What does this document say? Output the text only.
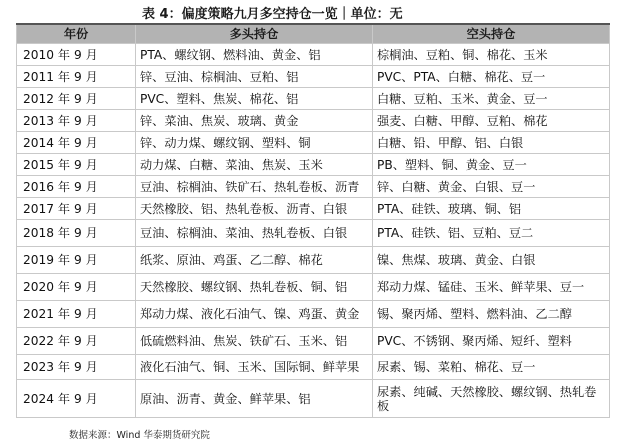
表 4：偏度策略九月多空持仓一览｜单位：无
年份	多头持仓	空头持仓
2010 年 9 月	PTA、螺纹钢、燃料油、黄金、铝	棕榈油、豆粕、铜、棉花、玉米
2011 年 9 月	锌、豆油、棕榈油、豆粕、铝	PVC、PTA、白糖、棉花、豆一
2012 年 9 月	PVC、塑料、焦炭、棉花、铝	白糖、豆粕、玉米、黄金、豆一
2013 年 9 月	锌、菜油、焦炭、玻璃、黄金	强麦、白糖、甲醇、豆粕、棉花
2014 年 9 月	锌、动力煤、螺纹钢、塑料、铜	白糖、铅、甲醇、铝、白银
2015 年 9 月	动力煤、白糖、菜油、焦炭、玉米	PB、塑料、铜、黄金、豆一
2016 年 9 月	豆油、棕榈油、铁矿石、热轧卷板、沥青	锌、白糖、黄金、白银、豆一
2017 年 9 月	天然橡胶、铝、热轧卷板、沥青、白银	PTA、硅铁、玻璃、铜、铝
2018 年 9 月	豆油、棕榈油、菜油、热轧卷板、白银	PTA、硅铁、铝、豆粕、豆二
2019 年 9 月	纸浆、原油、鸡蛋、乙二醇、棉花	镍、焦煤、玻璃、黄金、白银
2020 年 9 月	天然橡胶、螺纹钢、热轧卷板、铜、铝	郑动力煤、锰硅、玉米、鲜苹果、豆一
2021 年 9 月	郑动力煤、液化石油气、镍、鸡蛋、黄金	锡、聚丙烯、塑料、燃料油、乙二醇
2022 年 9 月	低硫燃料油、焦炭、铁矿石、玉米、铝	PVC、不锈钢、聚丙烯、短纤、塑料
2023 年 9 月	液化石油气、铜、玉米、国际铜、鲜苹果	尿素、锡、菜粕、棉花、豆一
2024 年 9 月	原油、沥青、黄金、鲜苹果、铝	尿素、纯碱、天然橡胶、螺纹钢、热轧卷板
数据来源：Wind 华泰期货研究院
